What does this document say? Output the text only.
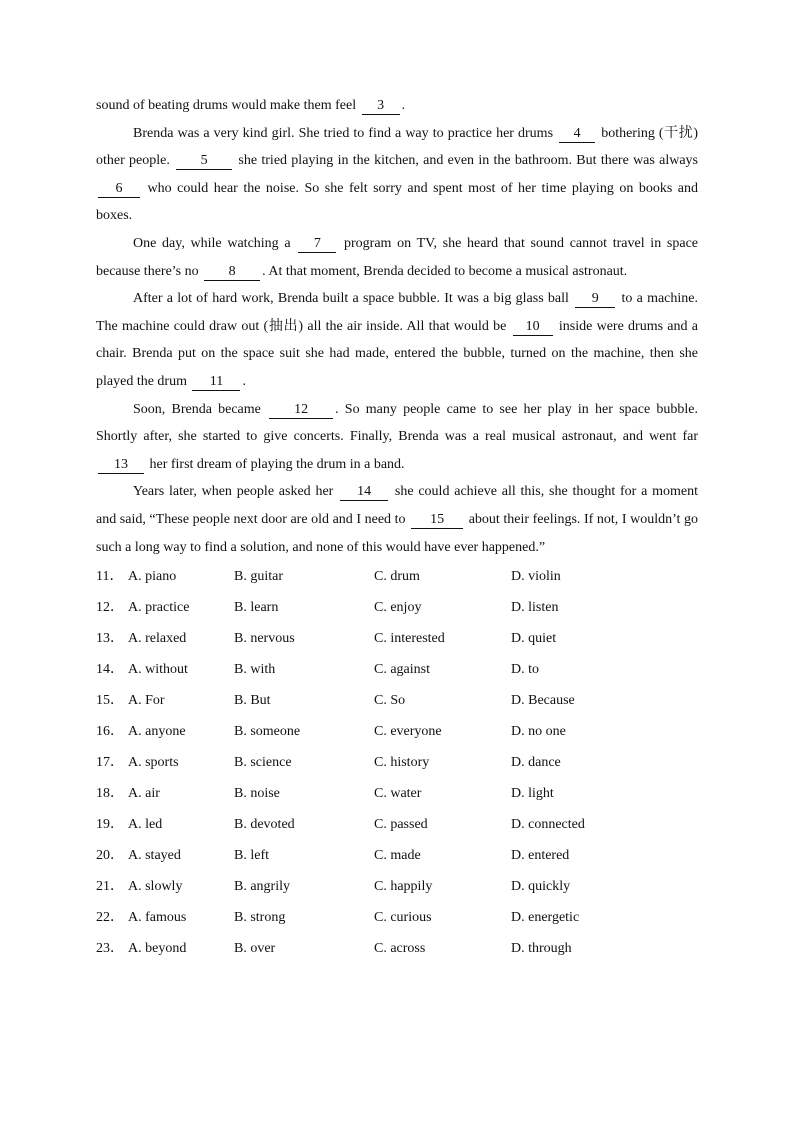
sound of beating drums would make them feel 3 .

Brenda was a very kind girl. She tried to find a way to practice her drums 4 bothering (干扰) other people. 5 she tried playing in the kitchen, and even in the bathroom. But there was always 6 who could hear the noise. So she felt sorry and spent most of her time playing on books and boxes.

One day, while watching a 7 program on TV, she heard that sound cannot travel in space because there’s no 8 . At that moment, Brenda decided to become a musical astronaut.

After a lot of hard work, Brenda built a space bubble. It was a big glass ball 9 to a machine. The machine could draw out (抽出) all the air inside. All that would be 10 inside were drums and a chair. Brenda put on the space suit she had made, entered the bubble, turned on the machine, then she played the drum 11 .

Soon, Brenda became 12 . So many people came to see her play in her space bubble. Shortly after, she started to give concerts. Finally, Brenda was a real musical astronaut, and went far 13 her first dream of playing the drum in a band.

Years later, when people asked her 14 she could achieve all this, she thought for a moment and said, “These people next door are old and I need to 15 about their feelings. If not, I wouldn’t go such a long way to find a solution, and none of this would have ever happened.”

11． A. piano	B. guitar	C. drum	D. violin
12． A. practice	B. learn	C. enjoy	D. listen
13． A. relaxed	B. nervous	C. interested	D. quiet
14． A. without	B. with	C. against	D. to
15． A. For	B. But	C. So	D. Because
16． A. anyone	B. someone	C. everyone	D. no one
17． A. sports	B. science	C. history	D. dance
18． A. air	B. noise	C. water	D. light
19． A. led	B. devoted	C. passed	D. connected
20． A. stayed	B. left	C. made	D. entered
21． A. slowly	B. angrily	C. happily	D. quickly
22． A. famous	B. strong	C. curious	D. energetic
23． A. beyond	B. over	C. across	D. through
